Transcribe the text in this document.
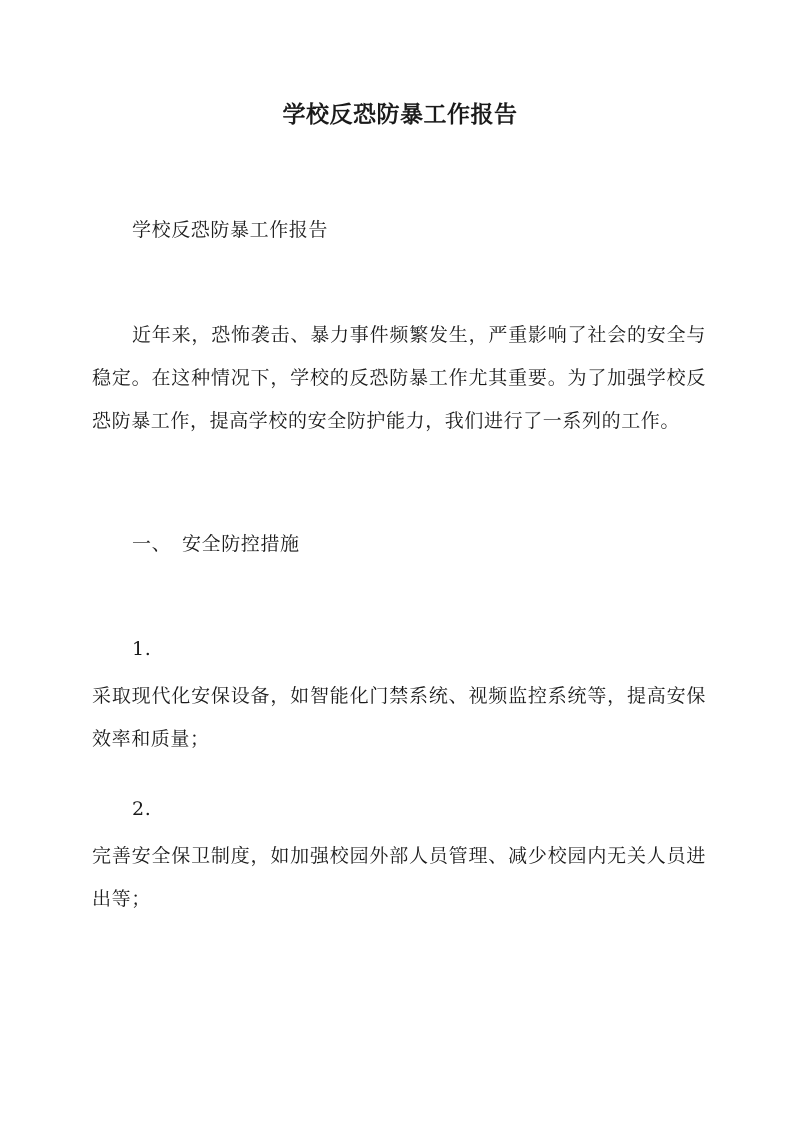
学校反恐防暴工作报告
学校反恐防暴工作报告
近年来，恐怖袭击、暴力事件频繁发生，严重影响了社会的安全与稳定。在这种情况下，学校的反恐防暴工作尤其重要。为了加强学校反恐防暴工作，提高学校的安全防护能力，我们进行了一系列的工作。
一、 安全防控措施
1.
采取现代化安保设备，如智能化门禁系统、视频监控系统等，提高安保效率和质量；
2.
完善安全保卫制度，如加强校园外部人员管理、减少校园内无关人员进出等；
